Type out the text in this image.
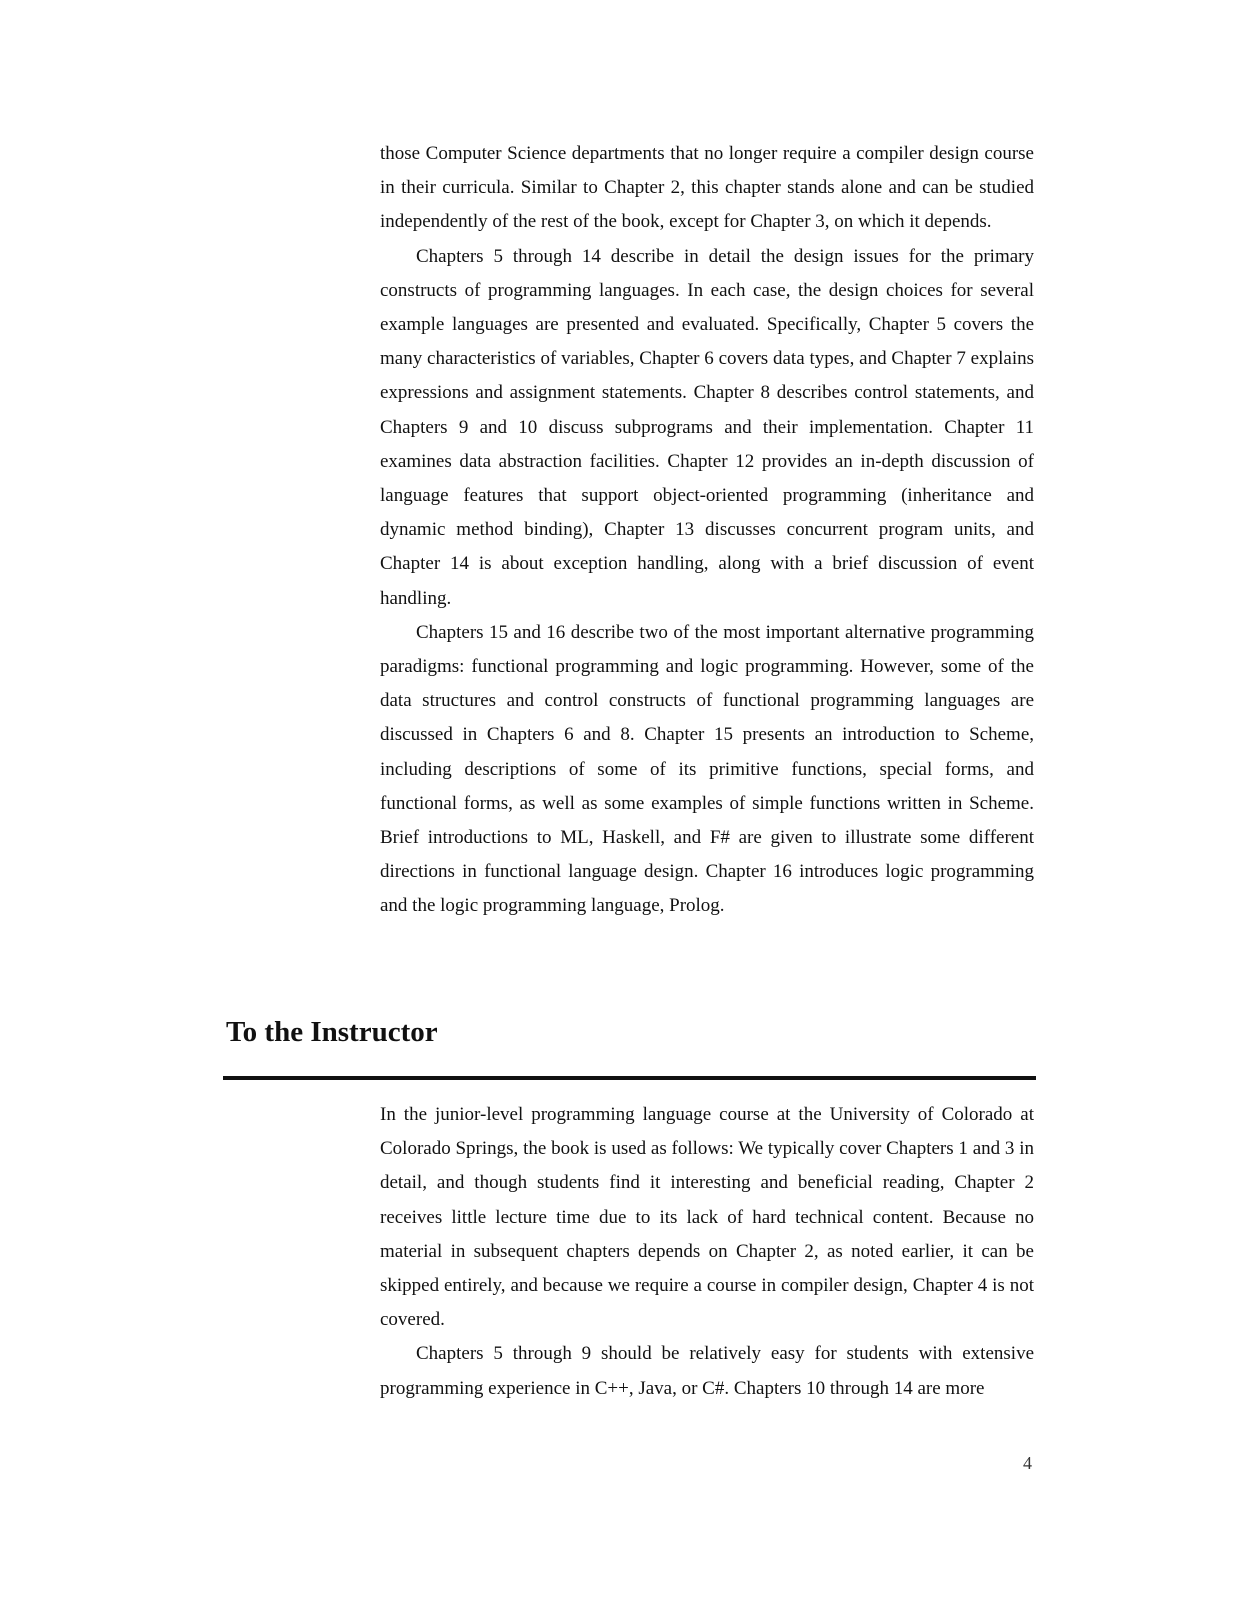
those Computer Science departments that no longer require a compiler design course in their curricula. Similar to Chapter 2, this chapter stands alone and can be studied independently of the rest of the book, except for Chapter 3, on which it depends.

Chapters 5 through 14 describe in detail the design issues for the primary constructs of programming languages. In each case, the design choices for several example languages are presented and evaluated. Specifically, Chapter 5 covers the many characteristics of variables, Chapter 6 covers data types, and Chapter 7 explains expressions and assignment statements. Chapter 8 describes control statements, and Chapters 9 and 10 discuss subprograms and their implementation. Chapter 11 examines data abstraction facilities. Chapter 12 provides an in-depth discussion of language features that support object-oriented programming (inheritance and dynamic method binding), Chapter 13 discusses concurrent program units, and Chapter 14 is about exception handling, along with a brief discussion of event handling.

Chapters 15 and 16 describe two of the most important alternative programming paradigms: functional programming and logic programming. However, some of the data structures and control constructs of functional programming languages are discussed in Chapters 6 and 8. Chapter 15 presents an introduction to Scheme, including descriptions of some of its primitive functions, special forms, and functional forms, as well as some examples of simple functions written in Scheme. Brief introductions to ML, Haskell, and F# are given to illustrate some different directions in functional language design. Chapter 16 introduces logic programming and the logic programming language, Prolog.

To the Instructor

In the junior-level programming language course at the University of Colorado at Colorado Springs, the book is used as follows: We typically cover Chapters 1 and 3 in detail, and though students find it interesting and beneficial reading, Chapter 2 receives little lecture time due to its lack of hard technical content. Because no material in subsequent chapters depends on Chapter 2, as noted earlier, it can be skipped entirely, and because we require a course in compiler design, Chapter 4 is not covered.

Chapters 5 through 9 should be relatively easy for students with extensive programming experience in C++, Java, or C#. Chapters 10 through 14 are more

4
